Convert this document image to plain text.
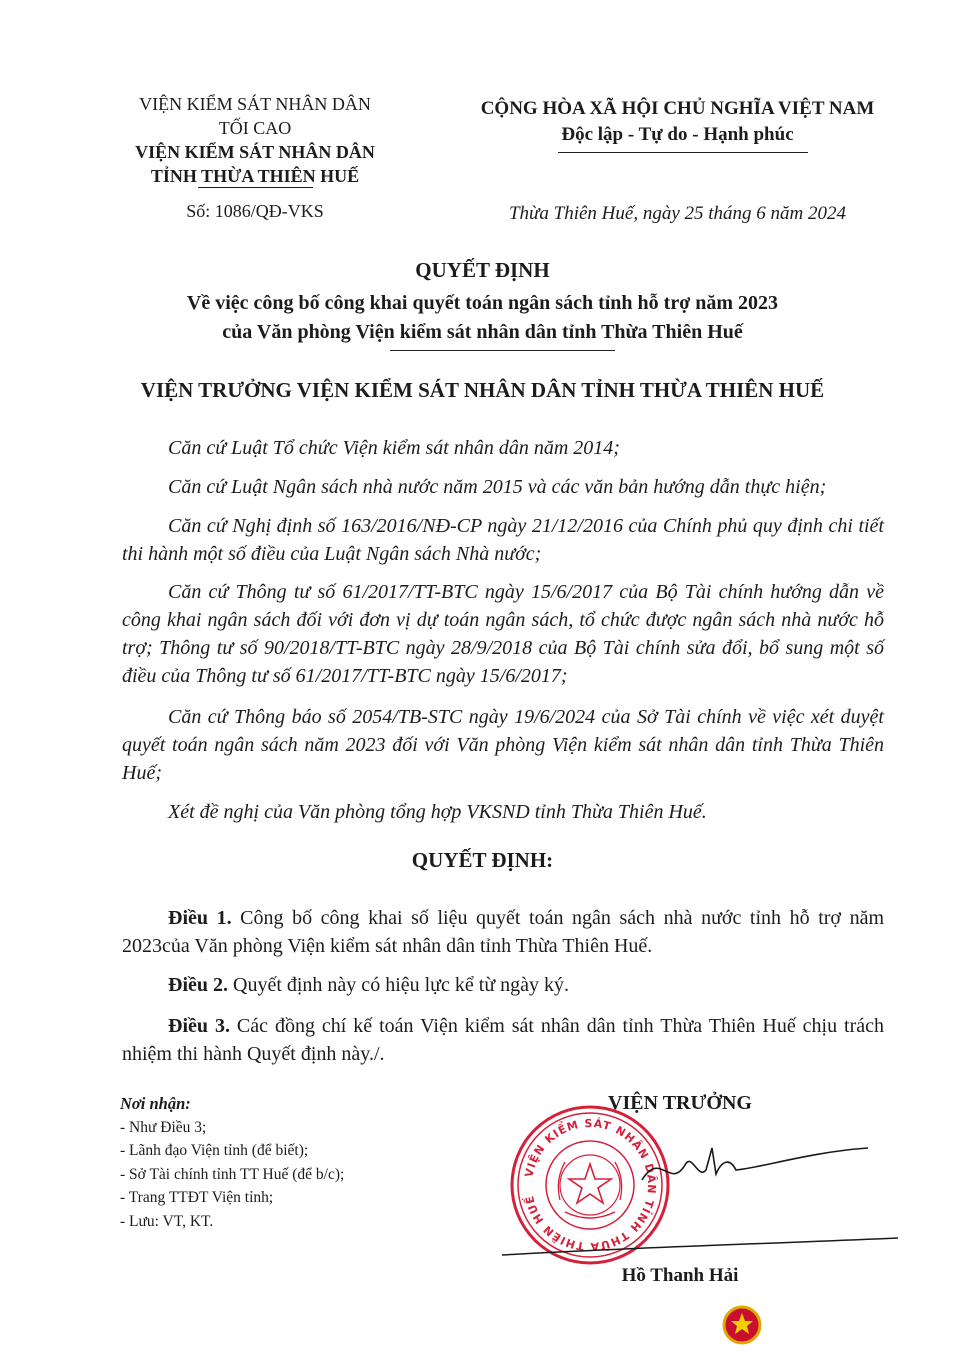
VIỆN KIỂM SÁT NHÂN DÂN
TỐI CAO
VIỆN KIỂM SÁT NHÂN DÂN
TỈNH THỪA THIÊN HUẾ
Số: 1086/QĐ-VKS
CỘNG HÒA XÃ HỘI CHỦ NGHĨA VIỆT NAM
Độc lập - Tự do - Hạnh phúc
Thừa Thiên Huế, ngày 25 tháng 6 năm 2024
QUYẾT ĐỊNH
Về việc công bố công khai quyết toán ngân sách tỉnh hỗ trợ năm 2023
của Văn phòng Viện kiểm sát nhân dân tỉnh Thừa Thiên Huế
VIỆN TRƯỞNG VIỆN KIỂM SÁT NHÂN DÂN TỈNH THỪA THIÊN HUẾ
Căn cứ Luật Tổ chức Viện kiểm sát nhân dân năm 2014;
Căn cứ Luật Ngân sách nhà nước năm 2015 và các văn bản hướng dẫn thực hiện;
Căn cứ Nghị định số 163/2016/NĐ-CP ngày 21/12/2016 của Chính phủ quy định chi tiết thi hành một số điều của Luật Ngân sách Nhà nước;
Căn cứ Thông tư số 61/2017/TT-BTC ngày 15/6/2017 của Bộ Tài chính hướng dẫn về công khai ngân sách đối với đơn vị dự toán ngân sách, tổ chức được ngân sách nhà nước hỗ trợ; Thông tư số 90/2018/TT-BTC ngày 28/9/2018 của Bộ Tài chính sửa đổi, bổ sung một số điều của Thông tư số 61/2017/TT-BTC ngày 15/6/2017;
Căn cứ Thông báo số 2054/TB-STC ngày 19/6/2024 của Sở Tài chính về việc xét duyệt quyết toán ngân sách năm 2023 đối với Văn phòng Viện kiểm sát nhân dân tỉnh Thừa Thiên Huế;
Xét đề nghị của Văn phòng tổng hợp VKSND tỉnh Thừa Thiên Huế.
QUYẾT ĐỊNH:
Điều 1. Công bố công khai số liệu quyết toán ngân sách nhà nước tỉnh hỗ trợ năm 2023của Văn phòng Viện kiểm sát nhân dân tỉnh Thừa Thiên Huế.
Điều 2. Quyết định này có hiệu lực kể từ ngày ký.
Điều 3. Các đồng chí kế toán Viện kiểm sát nhân dân tỉnh Thừa Thiên Huế chịu trách nhiệm thi hành Quyết định này./.
Nơi nhận:
- Như Điều 3;
- Lãnh đạo Viện tỉnh (để biết);
- Sở Tài chính tỉnh TT Huế (để b/c);
- Trang TTĐT Viện tỉnh;
- Lưu: VT, KT.
VIỆN KIỂM SÁT NHÂN DÂN TỈNH THỪA THIÊN HUẾ
VIỆN TRƯỞNG
Hồ Thanh Hải
